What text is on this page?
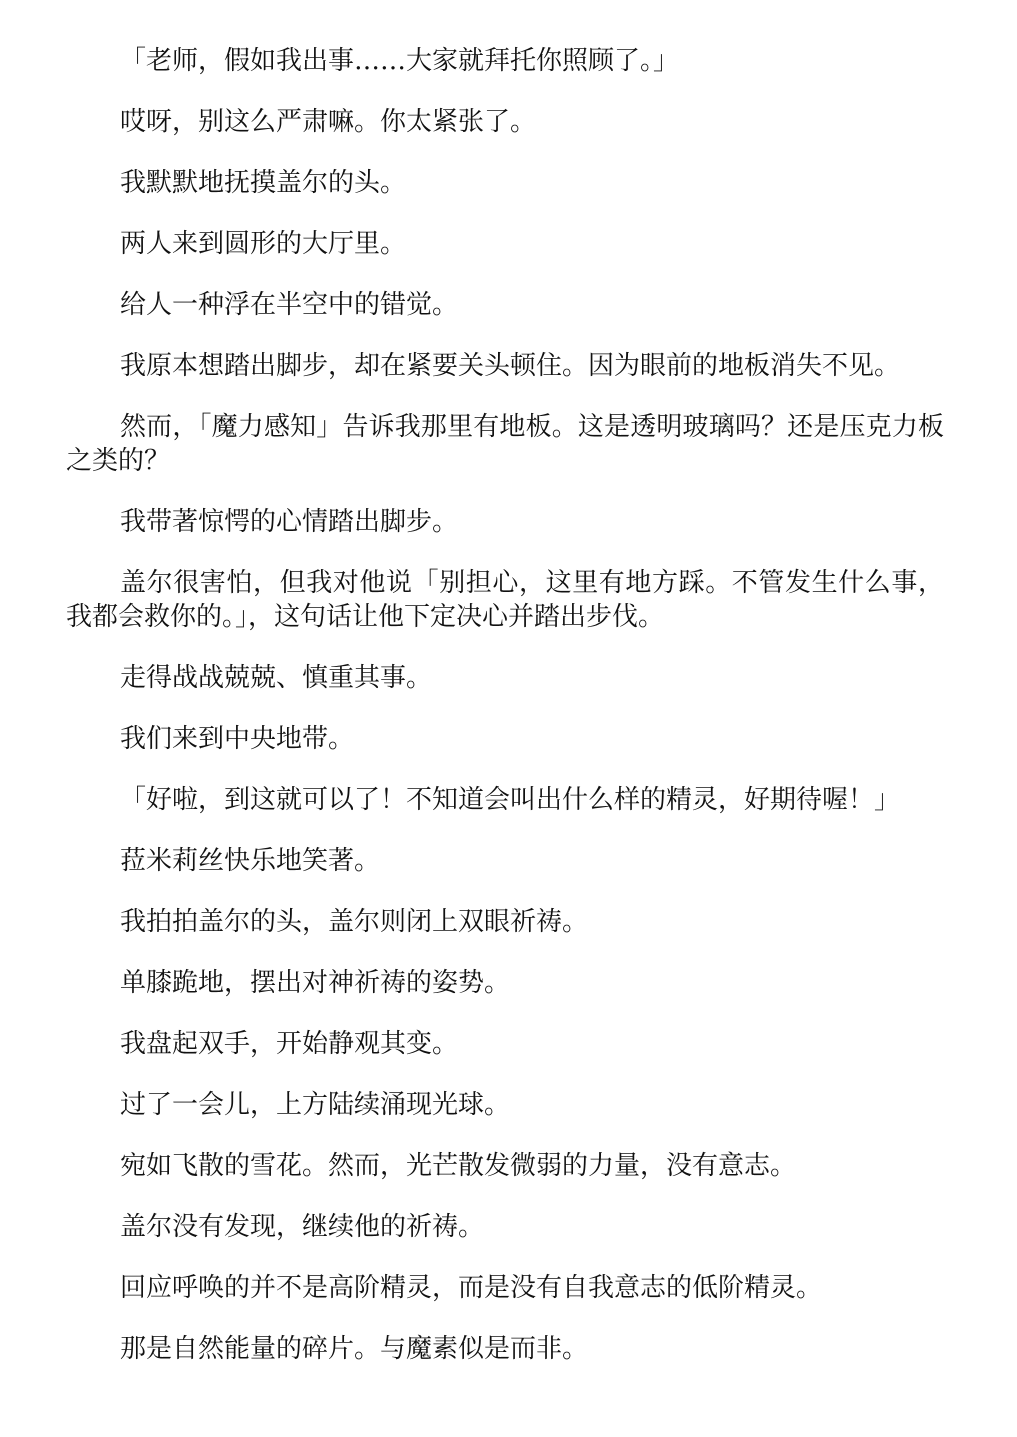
「老师，假如我出事……大家就拜托你照顾了。」

哎呀，别这么严肃嘛。你太紧张了。

我默默地抚摸盖尔的头。

两人来到圆形的大厅里。

给人一种浮在半空中的错觉。

我原本想踏出脚步，却在紧要关头顿住。因为眼前的地板消失不见。

然而，「魔力感知」告诉我那里有地板。这是透明玻璃吗？还是压克力板之类的？

我带著惊愕的心情踏出脚步。

盖尔很害怕，但我对他说「别担心，这里有地方踩。不管发生什么事，我都会救你的。」，这句话让他下定决心并踏出步伐。

走得战战兢兢、慎重其事。

我们来到中央地带。

「好啦，到这就可以了！不知道会叫出什么样的精灵，好期待喔！」

菈米莉丝快乐地笑著。

我拍拍盖尔的头，盖尔则闭上双眼祈祷。

单膝跪地，摆出对神祈祷的姿势。

我盘起双手，开始静观其变。

过了一会儿，上方陆续涌现光球。

宛如飞散的雪花。然而，光芒散发微弱的力量，没有意志。

盖尔没有发现，继续他的祈祷。

回应呼唤的并不是高阶精灵，而是没有自我意志的低阶精灵。

那是自然能量的碎片。与魔素似是而非。
